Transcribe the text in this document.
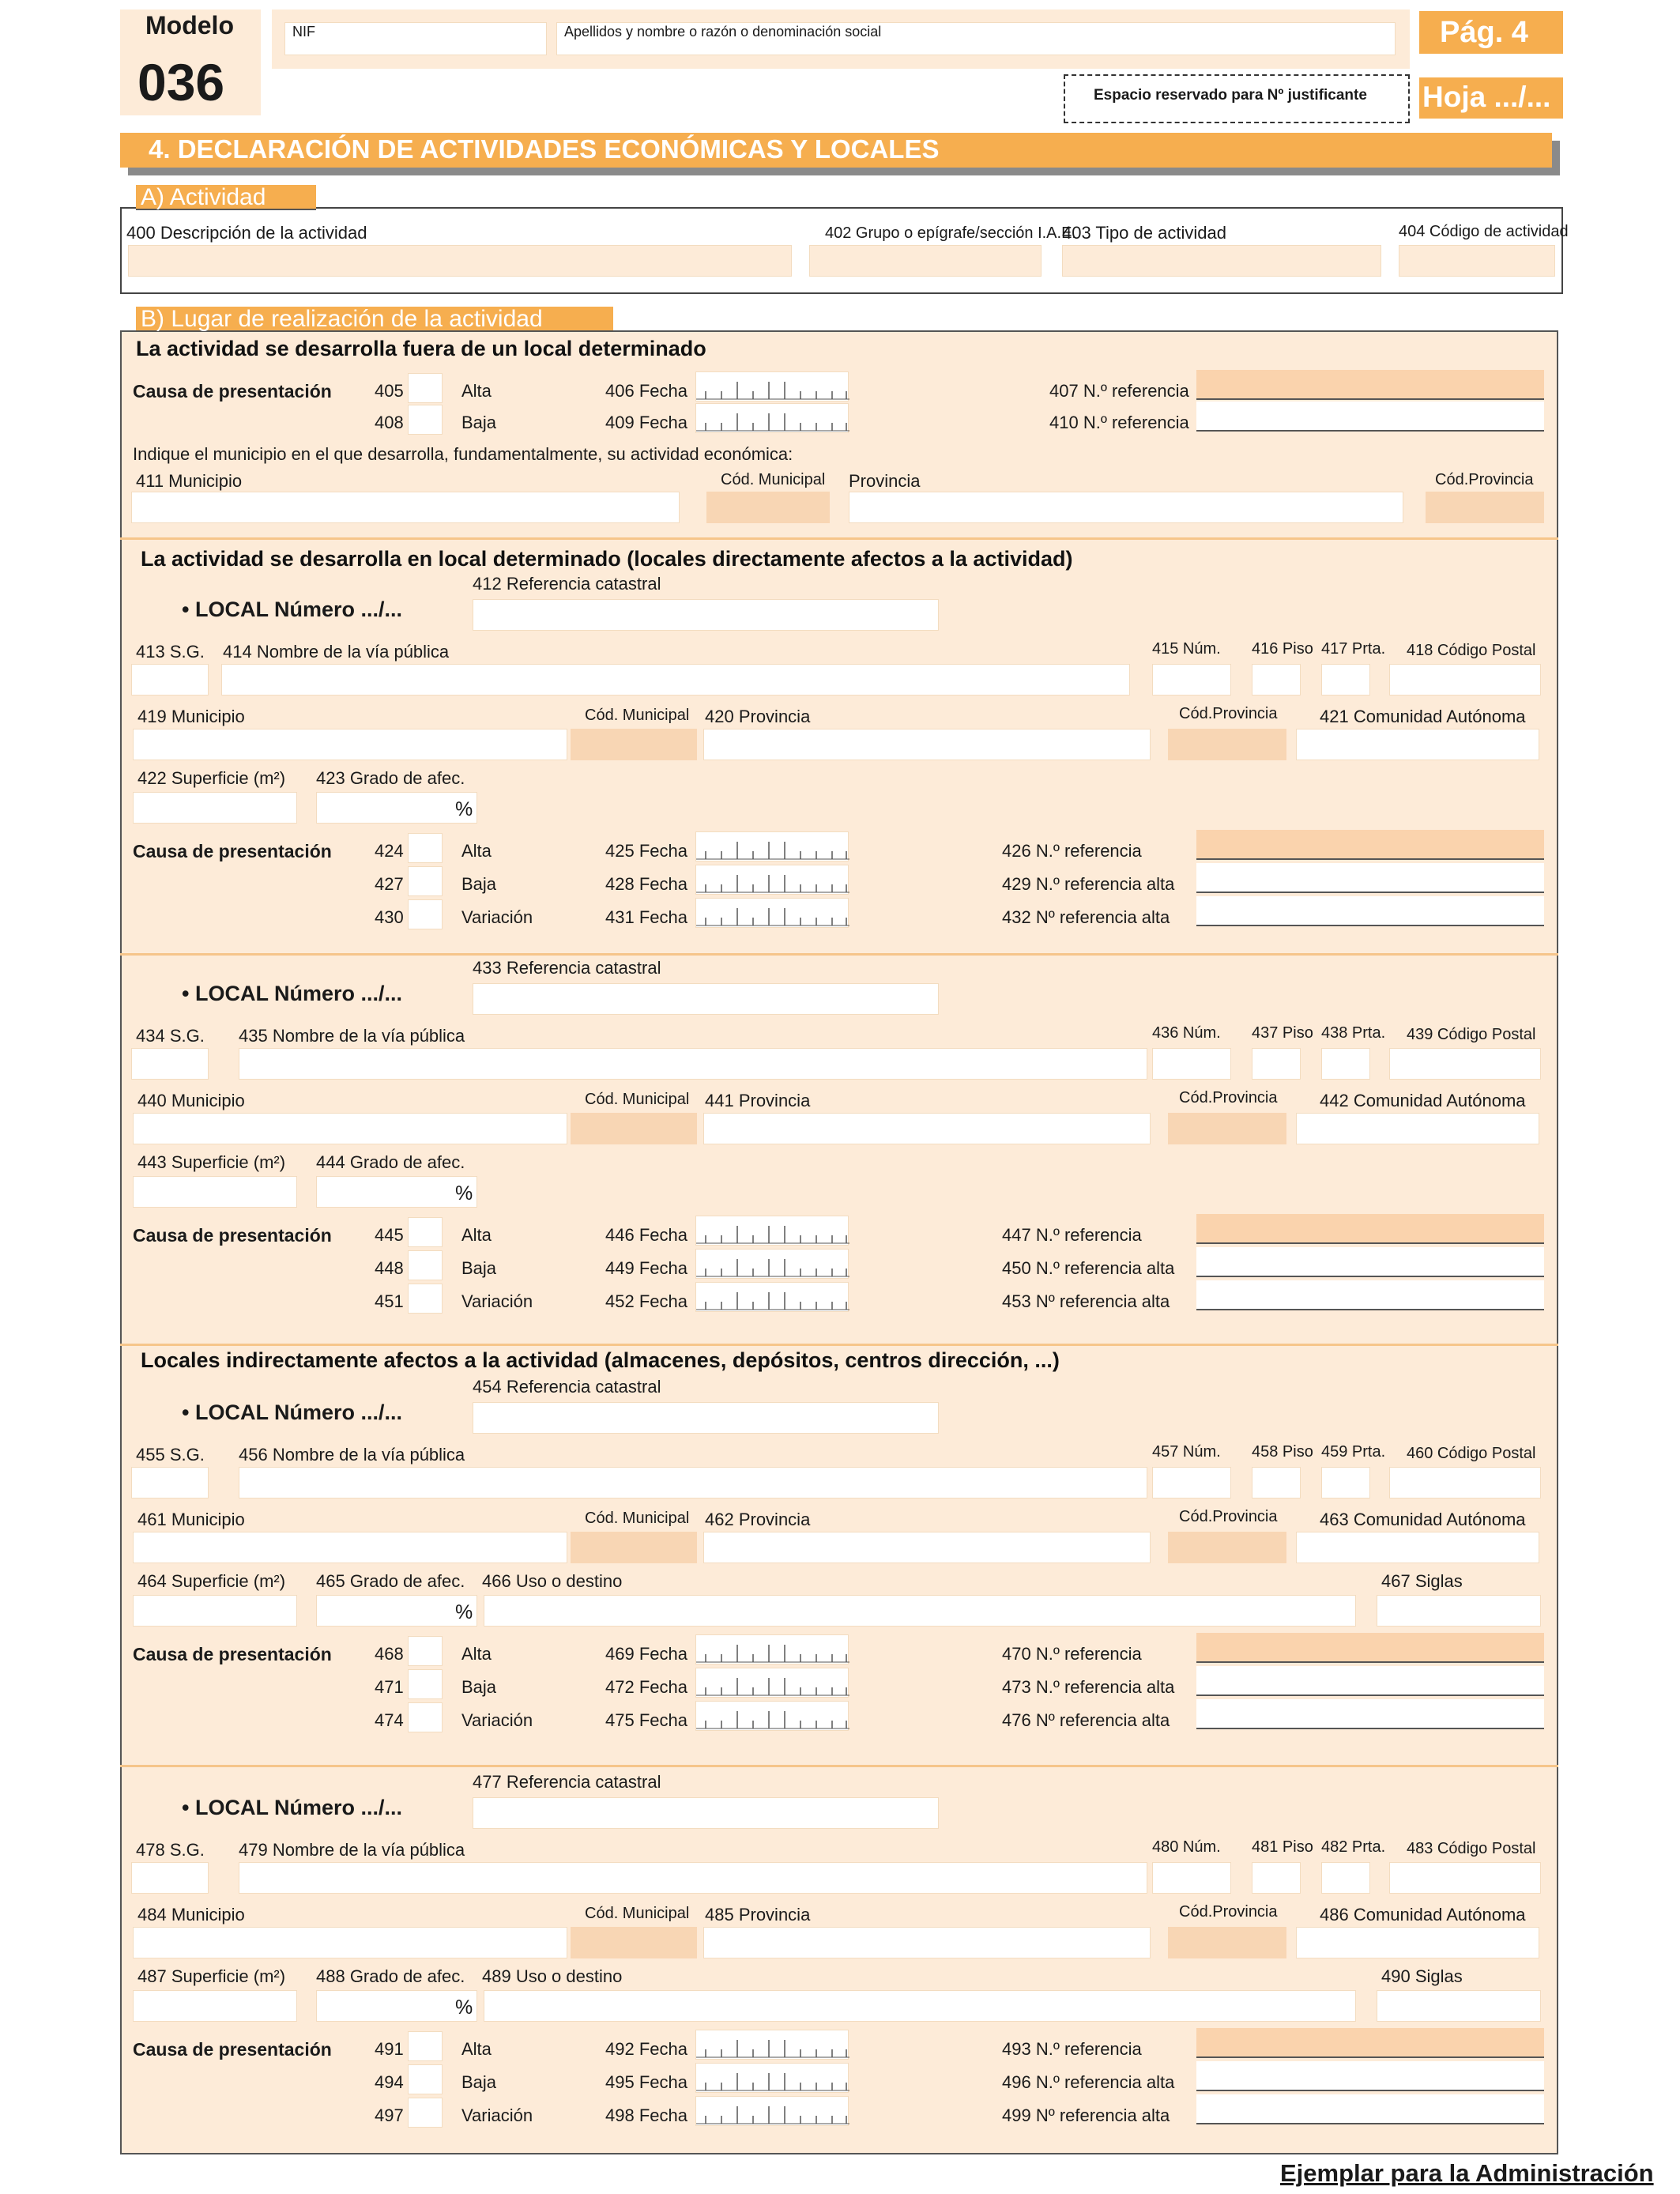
Modelo
036
NIF	Apellidos y nombre o razón o denominación social	Pág. 4
Espacio reservado para Nº justificante Hoja .../...
4. DECLARACIÓN DE ACTIVIDADES ECONÓMICAS Y LOCALES
A) Actividad
400 Descripción de la actividad	402 Grupo o epígrafe/sección I.A.E.
403 Tipo de actividad	404 Código de actividad
B) Lugar de realización de la actividad
La actividad se desarrolla fuera de un local determinado
Causa de presentación 405	Alta	406 Fecha	407 N.º referencia
408	Baja	409 Fecha	410 N.º referencia
Indique el municipio en el que desarrolla, fundamentalmente, su actividad económica:
411 Municipio	Cód. Municipal Provincia	Cód.Provincia
La actividad se desarrolla en local determinado (locales directamente afectos a la actividad)
412 Referencia catastral
• LOCAL Número .../...
413 S.G. 414 Nombre de la vía pública	415 Núm. 416 Piso 417 Prta. 418 Código Postal
419 Municipio	Cód. Municipal 420 Provincia	Cód.Provincia 421 Comunidad Autónoma
422 Superficie (m²) 423 Grado de afec.
%
Causa de presentación 424	Alta	425 Fecha	426 N.º referencia
427	Baja	428 Fecha	429 N.º referencia alta
430	Variación	431 Fecha	432 Nº referencia alta
433 Referencia catastral
• LOCAL Número .../...
434 S.G. 435 Nombre de la vía pública	436 Núm. 437 Piso 438 Prta. 439 Código Postal
440 Municipio	Cód. Municipal 441 Provincia	Cód.Provincia 442 Comunidad Autónoma
443 Superficie (m²) 444 Grado de afec.
%
Causa de presentación 445	Alta	446 Fecha	447 N.º referencia
448	Baja	449 Fecha	450 N.º referencia alta
451	Variación	452 Fecha	453 Nº referencia alta
454 Referencia catastral
• LOCAL Número .../...
455 S.G. 456 Nombre de la vía pública	457 Núm. 458 Piso 459 Prta. 460 Código Postal
461 Municipio	Cód. Municipal 462 Provincia	Cód.Provincia 463 Comunidad Autónoma
464 Superficie (m²) 465 Grado de afec.
%
466 Uso o destino	467 Siglas
Causa de presentación 468	Alta	469 Fecha	470 N.º referencia
471	Baja	472 Fecha	473 N.º referencia alta
474	Variación	475 Fecha	476 Nº referencia alta
477 Referencia catastral
• LOCAL Número .../...
478 S.G. 479 Nombre de la vía pública	480 Núm. 481 Piso 482 Prta. 483 Código Postal
484 Municipio	Cód. Municipal 485 Provincia	Cód.Provincia 486 Comunidad Autónoma
487 Superficie (m²) 488 Grado de afec.
%
489 Uso o destino	490 Siglas
Causa de presentación 491	Alta	492 Fecha	493 N.º referencia
494	Baja	495 Fecha	496 N.º referencia alta
497	Variación	498 Fecha	499 Nº referencia alta
Locales indirectamente afectos a la actividad (almacenes, depósitos, centros dirección, ...)
Ejemplar para la Administración
